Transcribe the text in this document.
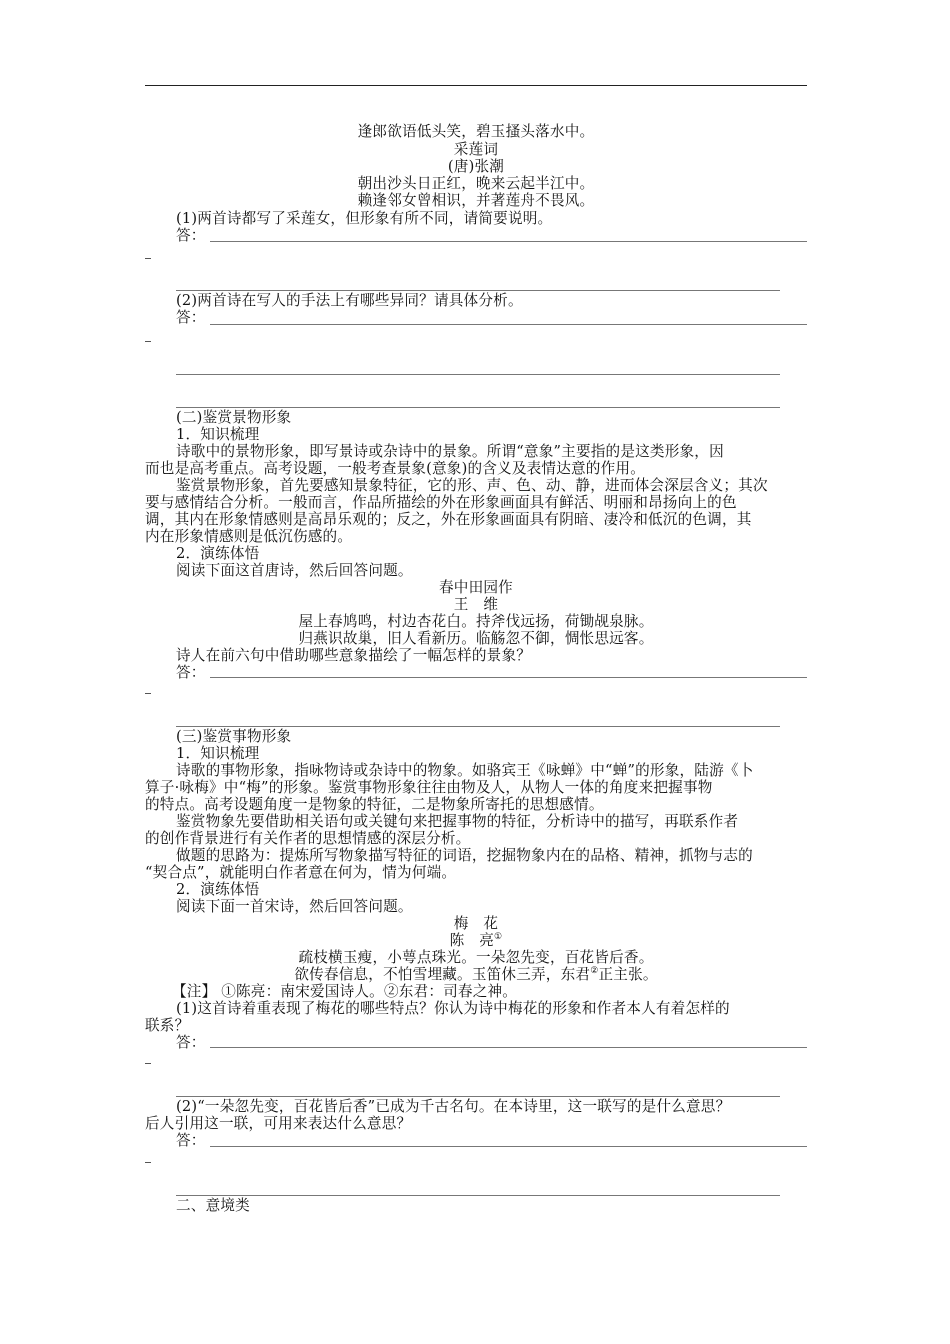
逢郎欲语低头笑，碧玉搔头落水中。
采莲词
(唐)张潮
朝出沙头日正红，晚来云起半江中。
赖逢邻女曾相识，并著莲舟不畏风。
(1)两首诗都写了采莲女，但形象有所不同，请简要说明。
答：
(2)两首诗在写人的手法上有哪些异同？请具体分析。
答：
(二)鉴赏景物形象
1．知识梳理
诗歌中的景物形象，即写景诗或杂诗中的景象。所谓“意象”主要指的是这类形象，因
而也是高考重点。高考设题，一般考查景象(意象)的含义及表情达意的作用。
鉴赏景物形象，首先要感知景象特征，它的形、声、色、动、静，进而体会深层含义；其次
要与感情结合分析。一般而言，作品所描绘的外在形象画面具有鲜活、明丽和昂扬向上的色
调，其内在形象情感则是高昂乐观的；反之，外在形象画面具有阴暗、凄冷和低沉的色调，其
内在形象情感则是低沉伤感的。
2．演练体悟
阅读下面这首唐诗，然后回答问题。
春中田园作
王　维
屋上春鸠鸣，村边杏花白。持斧伐远扬，荷锄觇泉脉。
归燕识故巢，旧人看新历。临觞忽不御，惆怅思远客。
诗人在前六句中借助哪些意象描绘了一幅怎样的景象？
答：
(三)鉴赏事物形象
1．知识梳理
诗歌的事物形象，指咏物诗或杂诗中的物象。如骆宾王《咏蝉》中“蝉”的形象，陆游《卜
算子·咏梅》中“梅”的形象。鉴赏事物形象往往由物及人，从物人一体的角度来把握事物
的特点。高考设题角度一是物象的特征，二是物象所寄托的思想感情。
鉴赏物象先要借助相关语句或关键句来把握事物的特征，分析诗中的描写，再联系作者
的创作背景进行有关作者的思想情感的深层分析。
做题的思路为：提炼所写物象描写特征的词语，挖掘物象内在的品格、精神，抓物与志的
“契合点”，就能明白作者意在何为，情为何端。
2．演练体悟
阅读下面一首宋诗，然后回答问题。
梅　花
陈　亮①
疏枝横玉瘦，小萼点珠光。一朵忽先变，百花皆后香。
欲传春信息，不怕雪埋藏。玉笛休三弄，东君②正主张。
【注】 ①陈亮：南宋爱国诗人。②东君：司春之神。
(1)这首诗着重表现了梅花的哪些特点？你认为诗中梅花的形象和作者本人有着怎样的
联系？
答：
(2)“一朵忽先变，百花皆后香”已成为千古名句。在本诗里，这一联写的是什么意思？
后人引用这一联，可用来表达什么意思？
答：
二、意境类
